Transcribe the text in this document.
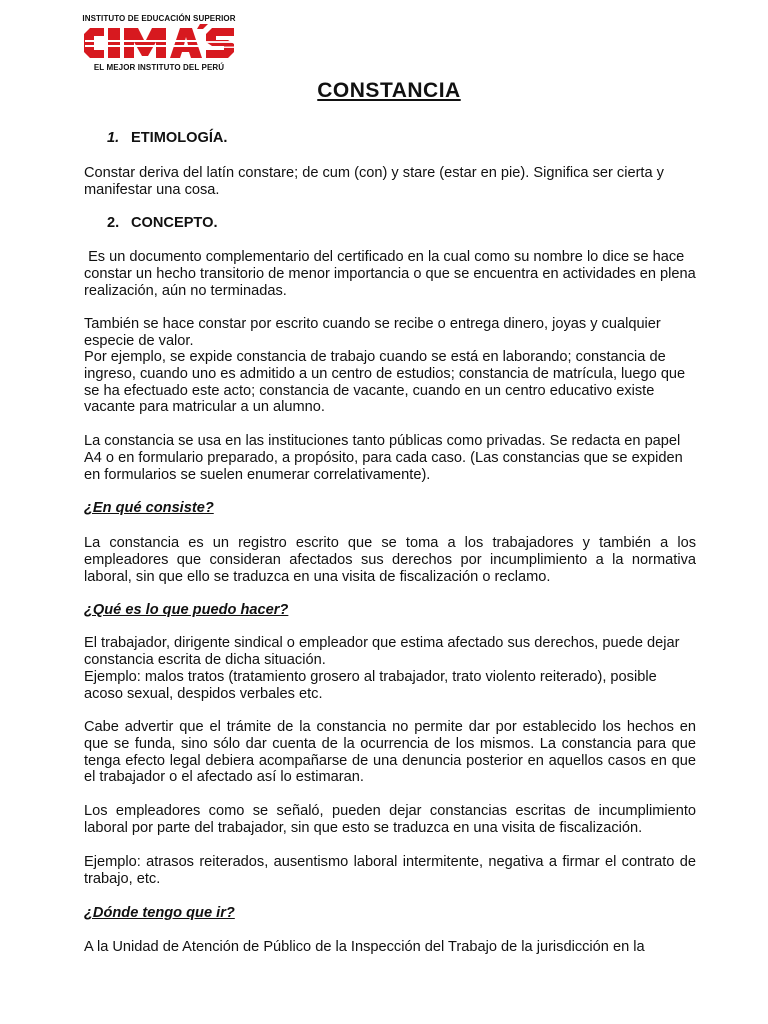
INSTITUTO DE EDUCACIÓN SUPERIOR
EL MEJOR INSTITUTO DEL PERÚ
CONSTANCIA
1. ETIMOLOGÍA.

Constar deriva del latín constare; de cum (con) y stare (estar en pie). Significa ser cierta y manifestar una cosa.

2. CONCEPTO.

Es un documento complementario del certificado en la cual como su nombre lo dice se hace constar un hecho transitorio de menor importancia o que se encuentra en actividades en plena realización, aún no terminadas.

También se hace constar por escrito cuando se recibe o entrega dinero, joyas y cualquier especie de valor.

Por ejemplo, se expide constancia de trabajo cuando se está en laborando; constancia de ingreso, cuando uno es admitido a un centro de estudios; constancia de matrícula, luego que se ha efectuado este acto; constancia de vacante, cuando en un centro educativo existe vacante para matricular a un alumno.

La constancia se usa en las instituciones tanto públicas como privadas. Se redacta en papel A4 o en formulario preparado, a propósito, para cada caso. (Las constancias que se expiden en formularios se suelen enumerar correlativamente).

¿En qué consiste?

La constancia es un registro escrito que se toma a los trabajadores y también a los empleadores que consideran afectados sus derechos por incumplimiento a la normativa laboral, sin que ello se traduzca en una visita de fiscalización o reclamo.

¿Qué es lo que puedo hacer?

El trabajador, dirigente sindical o empleador que estima afectado sus derechos, puede dejar constancia escrita de dicha situación.

Ejemplo: malos tratos (tratamiento grosero al trabajador, trato violento reiterado), posible acoso sexual, despidos verbales etc.

Cabe advertir que el trámite de la constancia no permite dar por establecido los hechos en que se funda, sino sólo dar cuenta de la ocurrencia de los mismos. La constancia para que tenga efecto legal debiera acompañarse de una denuncia posterior en aquellos casos en que el trabajador o el afectado así lo estimaran.

Los empleadores como se señaló, pueden dejar constancias escritas de incumplimiento laboral por parte del trabajador, sin que esto se traduzca en una visita de fiscalización.

Ejemplo: atrasos reiterados, ausentismo laboral intermitente, negativa a firmar el contrato de trabajo, etc.

¿Dónde tengo que ir?

A la Unidad de Atención de Público de la Inspección del Trabajo de la jurisdicción en la
